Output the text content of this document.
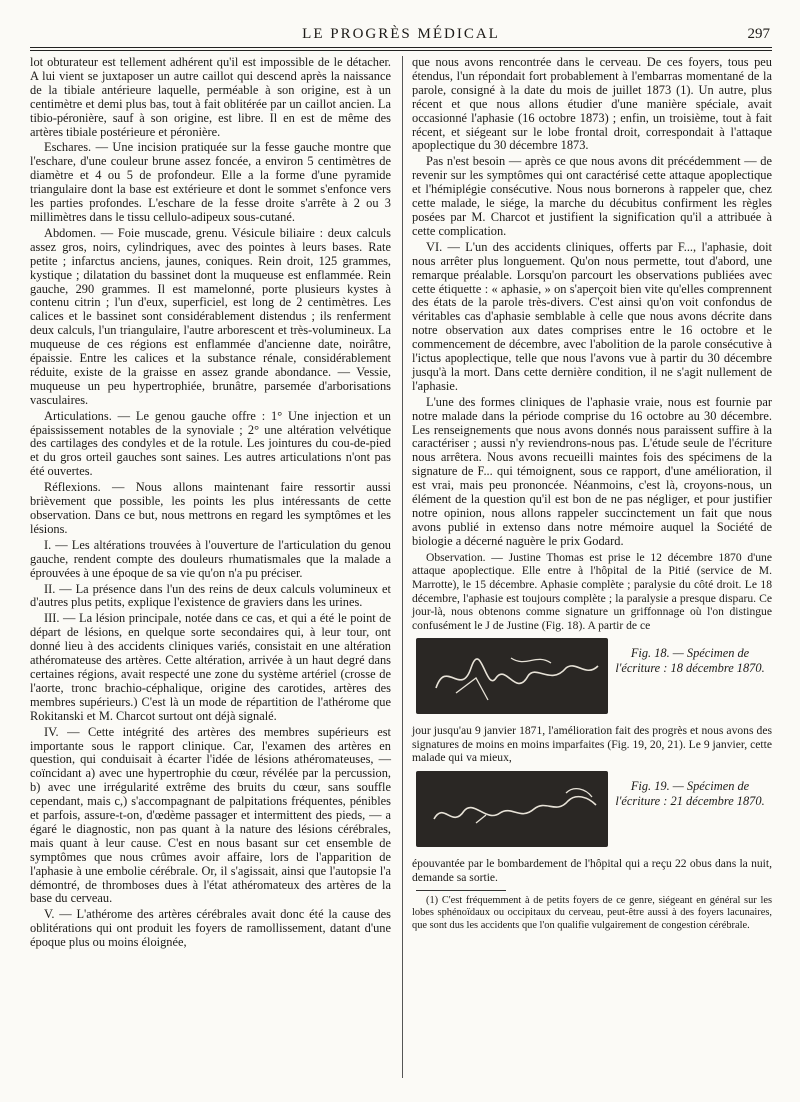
LE PROGRÈS MÉDICAL	297

lot obturateur est tellement adhérent qu'il est impossible de le détacher. A lui vient se juxtaposer un autre caillot qui descend après la naissance de la tibiale antérieure laquelle, perméable à son origine, est à un centimètre et demi plus bas, tout à fait oblitérée par un caillot ancien. La tibio-péronière, sauf à son origine, est libre. Il en est de même des artères tibiale postérieure et péronière.

Eschares. — Une incision pratiquée sur la fesse gauche montre que l'eschare, d'une couleur brune assez foncée, a environ 5 centimètres de diamètre et 4 ou 5 de profondeur. Elle a la forme d'une pyramide triangulaire dont la base est extérieure et dont le sommet s'enfonce vers les parties profondes. L'eschare de la fesse droite s'arrête à 2 ou 3 millimètres dans le tissu cellulo-adipeux sous-cutané.

Abdomen. — Foie muscade, grenu. Vésicule biliaire : deux calculs assez gros, noirs, cylindriques, avec des pointes à leurs bases. Rate petite ; infarctus anciens, jaunes, coniques. Rein droit, 125 grammes, kystique ; dilatation du bassinet dont la muqueuse est enflammée. Rein gauche, 290 grammes. Il est mamelonné, porte plusieurs kystes à contenu citrin ; l'un d'eux, superficiel, est long de 2 centimètres. Les calices et le bassinet sont considérablement distendus ; ils renferment deux calculs, l'un triangulaire, l'autre arborescent et très-volumineux. La muqueuse de ces régions est enflammée d'ancienne date, noirâtre, épaissie. Entre les calices et la substance rénale, considérablement réduite, existe de la graisse en assez grande abondance. — Vessie, muqueuse un peu hypertrophiée, brunâtre, parsemée d'arborisations vasculaires.

Articulations. — Le genou gauche offre : 1° Une injection et un épaississement notables de la synoviale ; 2° une altération velvétique des cartilages des condyles et de la rotule. Les jointures du cou-de-pied et du gros orteil gauches sont saines. Les autres articulations n'ont pas été ouvertes.

Réflexions. — Nous allons maintenant faire ressortir aussi brièvement que possible, les points les plus intéressants de cette observation. Dans ce but, nous mettrons en regard les symptômes et les lésions.

I. — Les altérations trouvées à l'ouverture de l'articulation du genou gauche, rendent compte des douleurs rhumatismales que la malade a éprouvées à une époque de sa vie qu'on n'a pu préciser.

II. — La présence dans l'un des reins de deux calculs volumineux et d'autres plus petits, explique l'existence de graviers dans les urines.

III. — La lésion principale, notée dans ce cas, et qui a été le point de départ de lésions, en quelque sorte secondaires qui, à leur tour, ont donné lieu à des accidents cliniques variés, consistait en une altération athéromateuse des artères. Cette altération, arrivée à un haut degré dans certaines régions, avait respecté une zone du système artériel (crosse de l'aorte, tronc brachio-céphalique, origine des carotides, artères des membres supérieurs.) C'est là un mode de répartition de l'athérome que Rokitanski et M. Charcot surtout ont déjà signalé.

IV. — Cette intégrité des artères des membres supérieurs est importante sous le rapport clinique. Car, l'examen des artères en question, qui conduisait à écarter l'idée de lésions athéromateuses, — coïncidant a) avec une hypertrophie du cœur, révélée par la percussion, b) avec une irrégularité extrême des bruits du cœur, sans souffle cependant, mais c,) s'accompagnant de palpitations fréquentes, pénibles et parfois, assure-t-on, d'œdème passager et intermittent des pieds, — a égaré le diagnostic, non pas quant à la nature des lésions cérébrales, mais quant à leur cause. C'est en nous basant sur cet ensemble de symptômes que nous crûmes avoir affaire, lors de l'apparition de l'aphasie à une embolie cérébrale. Or, il s'agissait, ainsi que l'autopsie l'a démontré, de thromboses dues à l'état athéromateux des artères de la base du cerveau.

V. — L'athérome des artères cérébrales avait donc été la cause des oblitérations qui ont produit les foyers de ramollissement, datant d'une époque plus ou moins éloignée,

que nous avons rencontrée dans le cerveau. De ces foyers, tous peu étendus, l'un répondait fort probablement à l'embarras momentané de la parole, consigné à la date du mois de juillet 1873 (1). Un autre, plus récent et que nous allons étudier d'une manière spéciale, avait occasionné l'aphasie (16 octobre 1873) ; enfin, un troisième, tout à fait récent, et siégeant sur le lobe frontal droit, correspondait à l'attaque apoplectique du 30 décembre 1873.

Pas n'est besoin — après ce que nous avons dit précédemment — de revenir sur les symptômes qui ont caractérisé cette attaque apoplectique et l'hémiplégie consécutive. Nous nous bornerons à rappeler que, chez cette malade, le siége, la marche du décubitus confirment les règles posées par M. Charcot et justifient la signification qu'il a attribuée à cette complication.

VI. — L'un des accidents cliniques, offerts par F..., l'aphasie, doit nous arrêter plus longuement. Qu'on nous permette, tout d'abord, une remarque préalable. Lorsqu'on parcourt les observations publiées avec cette étiquette : « aphasie, » on s'aperçoit bien vite qu'elles comprennent des états de la parole très-divers. C'est ainsi qu'on voit confondus de véritables cas d'aphasie semblable à celle que nous avons décrite dans notre observation aux dates comprises entre le 16 octobre et le commencement de décembre, avec l'abolition de la parole consécutive à l'ictus apoplectique, telle que nous l'avons vue à partir du 30 décembre jusqu'à la mort. Dans cette dernière condition, il ne s'agit nullement de l'aphasie.

L'une des formes cliniques de l'aphasie vraie, nous est fournie par notre malade dans la période comprise du 16 octobre au 30 décembre. Les renseignements que nous avons donnés nous paraissent suffire à la caractériser ; aussi n'y reviendrons-nous pas. L'étude seule de l'écriture nous arrêtera. Nous avons recueilli maintes fois des spécimens de la signature de F... qui témoignent, sous ce rapport, d'une amélioration, il est vrai, mais peu prononcée. Néanmoins, c'est là, croyons-nous, un élément de la question qu'il est bon de ne pas négliger, et pour justifier notre opinion, nous allons rappeler succinctement un fait que nous avons publié in extenso dans notre mémoire auquel la Société de biologie a décerné naguère le prix Godard.

Observation. — Justine Thomas est prise le 12 décembre 1870 d'une attaque apoplectique. Elle entre à l'hôpital de la Pitié (service de M. Marrotte), le 15 décembre. Aphasie complète ; paralysie du côté droit. Le 18 décembre, l'aphasie est toujours complète ; la paralysie a presque disparu. Ce jour-là, nous obtenons comme signature un griffonnage où l'on distingue confusément le J de Justine (Fig. 18). A partir de ce

Fig. 18. — Spécimen de l'écriture : 18 décembre 1870.

jour jusqu'au 9 janvier 1871, l'amélioration fait des progrès et nous avons des signatures de moins en moins imparfaites (Fig. 19, 20, 21). Le 9 janvier, cette malade qui va mieux,

Fig. 19. — Spécimen de l'écriture : 21 décembre 1870.

épouvantée par le bombardement de l'hôpital qui a reçu 22 obus dans la nuit, demande sa sortie.

(1) C'est fréquemment à de petits foyers de ce genre, siégeant en général sur les lobes sphénoïdaux ou occipitaux du cerveau, peut-être aussi à des foyers lacunaires, que sont dus les accidents que l'on qualifie vulgairement de congestion cérébrale.
